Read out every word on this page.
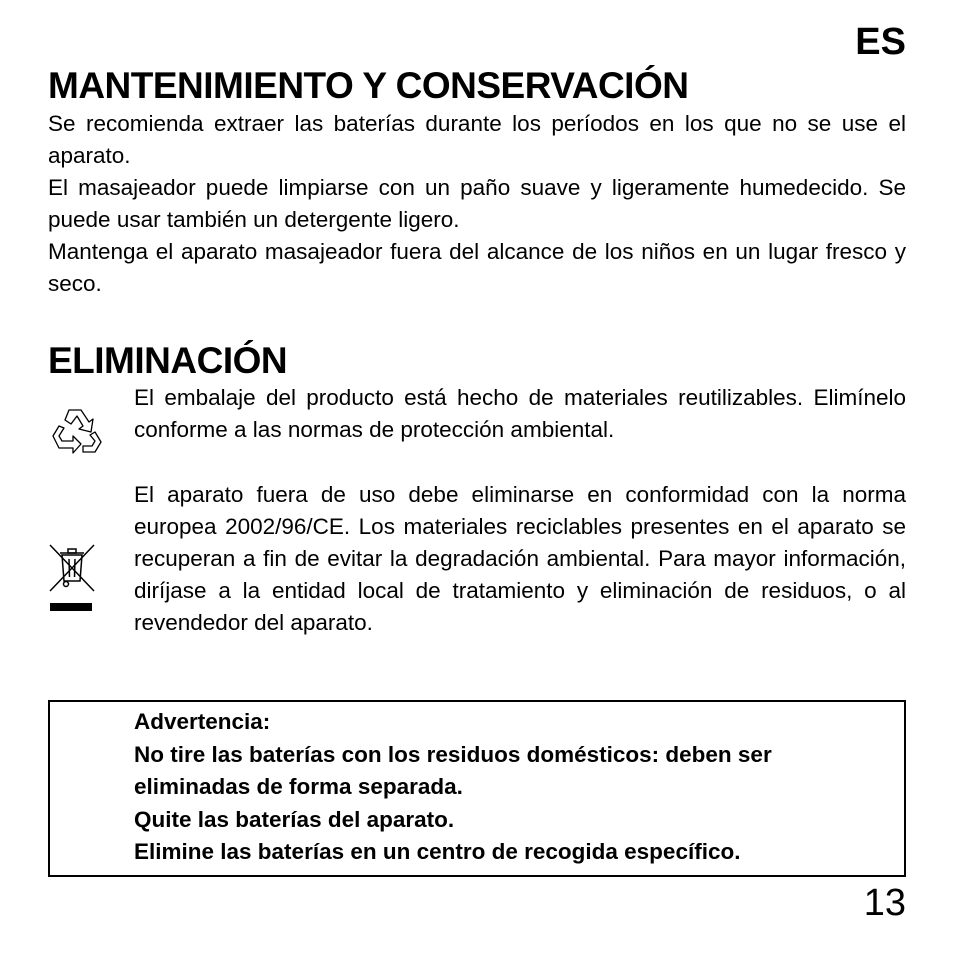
ES
MANTENIMIENTO Y CONSERVACIÓN

Se recomienda extraer las baterías durante los períodos en los que no se use el aparato.

El masajeador puede limpiarse con un paño suave y ligeramente humedecido. Se puede usar también un detergente ligero.

Mantenga el aparato masajeador fuera del alcance de los niños en un lugar fresco y seco.

ELIMINACIÓN

El embalaje del producto está hecho de materiales reutilizables. Elimínelo conforme a las normas de protección ambiental.

El aparato fuera de uso debe eliminarse en conformidad con la norma europea 2002/96/CE. Los materiales reciclables presentes en el aparato se recuperan a fin de evitar la degradación ambiental. Para mayor información, diríjase a la entidad local de tratamiento y eliminación de residuos, o al revendedor del aparato.

Advertencia:
No tire las baterías con los residuos domésticos: deben ser
eliminadas de forma separada.
Quite las baterías del aparato.
Elimine las baterías en un centro de recogida específico.
13
